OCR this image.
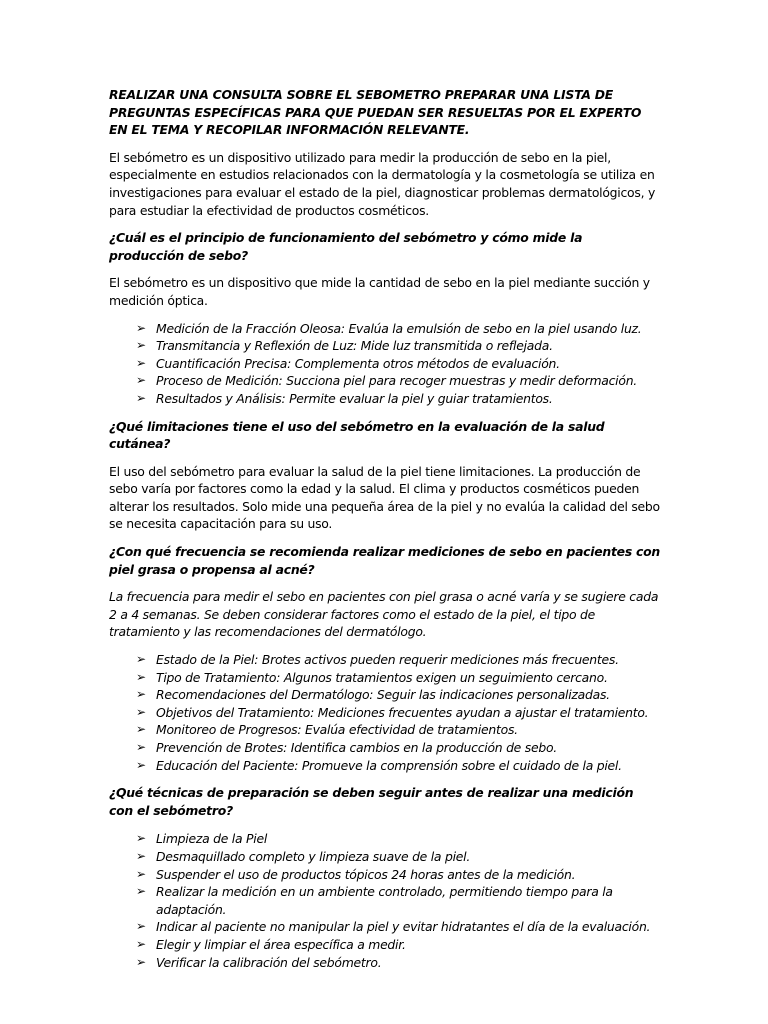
REALIZAR UNA CONSULTA SOBRE EL SEBOMETRO PREPARAR UNA LISTA DE PREGUNTAS ESPECÍFICAS PARA QUE PUEDAN SER RESUELTAS POR EL EXPERTO EN EL TEMA Y RECOPILAR INFORMACIÓN RELEVANTE.

El sebómetro es un dispositivo utilizado para medir la producción de sebo en la piel, especialmente en estudios relacionados con la dermatología y la cosmetología se utiliza en investigaciones para evaluar el estado de la piel, diagnosticar problemas dermatológicos, y para estudiar la efectividad de productos cosméticos.

¿Cuál es el principio de funcionamiento del sebómetro y cómo mide la producción de sebo?

El sebómetro es un dispositivo que mide la cantidad de sebo en la piel mediante succión y medición óptica.

➢ Medición de la Fracción Oleosa: Evalúa la emulsión de sebo en la piel usando luz.
➢ Transmitancia y Reflexión de Luz: Mide luz transmitida o reflejada.
➢ Cuantificación Precisa: Complementa otros métodos de evaluación.
➢ Proceso de Medición: Succiona piel para recoger muestras y medir deformación.
➢ Resultados y Análisis: Permite evaluar la piel y guiar tratamientos.
¿Qué limitaciones tiene el uso del sebómetro en la evaluación de la salud cutánea?

El uso del sebómetro para evaluar la salud de la piel tiene limitaciones. La producción de sebo varía por factores como la edad y la salud. El clima y productos cosméticos pueden alterar los resultados. Solo mide una pequeña área de la piel y no evalúa la calidad del sebo se necesita capacitación para su uso.

¿Con qué frecuencia se recomienda realizar mediciones de sebo en pacientes con piel grasa o propensa al acné?

La frecuencia para medir el sebo en pacientes con piel grasa o acné varía y se sugiere cada 2 a 4 semanas. Se deben considerar factores como el estado de la piel, el tipo de tratamiento y las recomendaciones del dermatólogo.

➢ Estado de la Piel: Brotes activos pueden requerir mediciones más frecuentes.
➢ Tipo de Tratamiento: Algunos tratamientos exigen un seguimiento cercano.
➢ Recomendaciones del Dermatólogo: Seguir las indicaciones personalizadas.
➢ Objetivos del Tratamiento: Mediciones frecuentes ayudan a ajustar el tratamiento.
➢ Monitoreo de Progresos: Evalúa efectividad de tratamientos.
➢ Prevención de Brotes: Identifica cambios en la producción de sebo.
➢ Educación del Paciente: Promueve la comprensión sobre el cuidado de la piel.
¿Qué técnicas de preparación se deben seguir antes de realizar una medición con el sebómetro?
➢ Limpieza de la Piel
➢ Desmaquillado completo y limpieza suave de la piel.
➢ Suspender el uso de productos tópicos 24 horas antes de la medición.
➢ Realizar la medición en un ambiente controlado, permitiendo tiempo para la adaptación.
➢ Indicar al paciente no manipular la piel y evitar hidratantes el día de la evaluación.
➢ Elegir y limpiar el área específica a medir.
➢ Verificar la calibración del sebómetro.
